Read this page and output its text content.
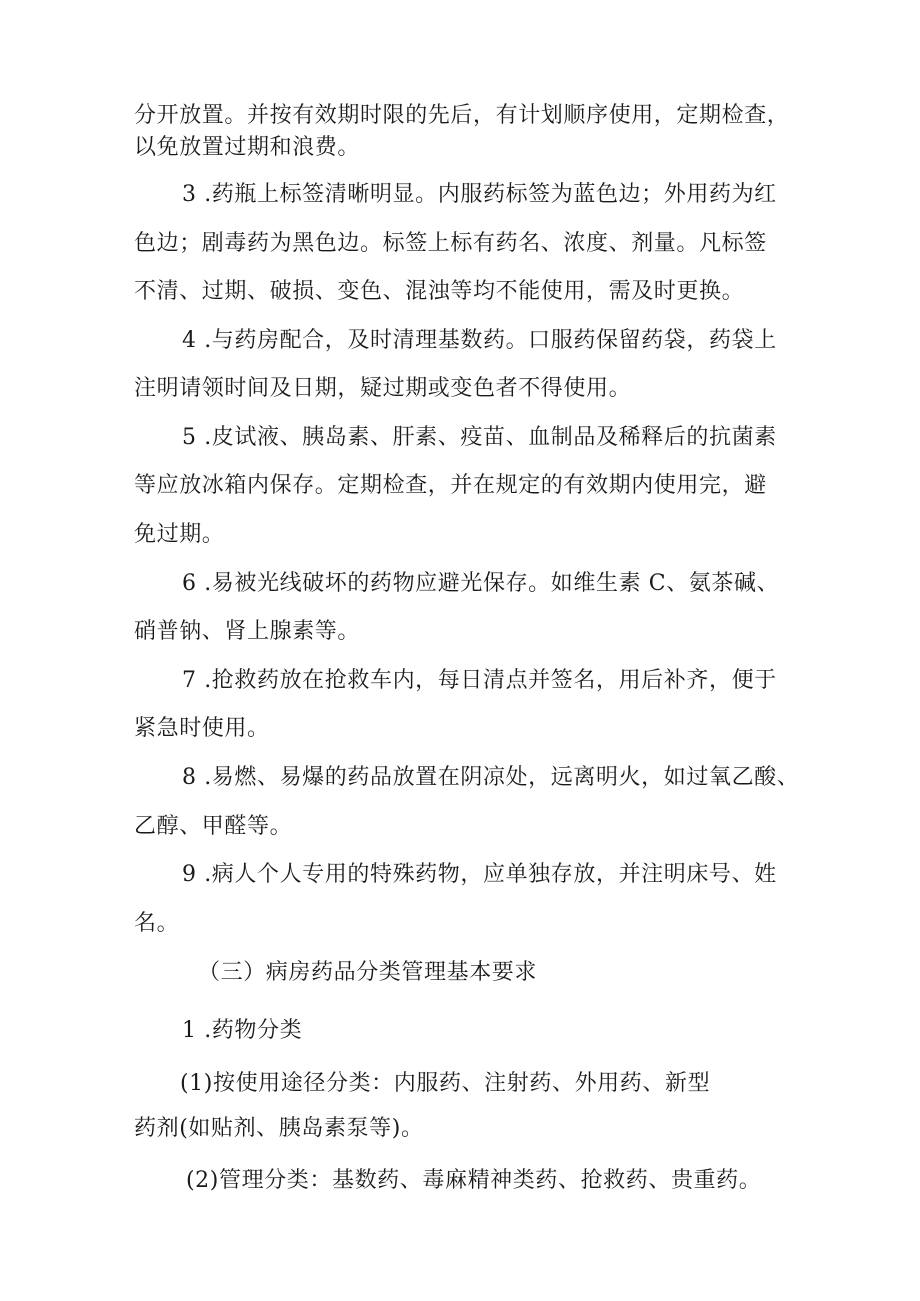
分开放置。并按有效期时限的先后，有计划顺序使用，定期检查，
以免放置过期和浪费。
3 .药瓶上标签清晰明显。内服药标签为蓝色边；外用药为红
色边；剧毒药为黑色边。标签上标有药名、浓度、剂量。凡标签
不清、过期、破损、变色、混浊等均不能使用，需及时更换。
4 .与药房配合，及时清理基数药。口服药保留药袋，药袋上
注明请领时间及日期，疑过期或变色者不得使用。
5 .皮试液、胰岛素、肝素、疫苗、血制品及稀释后的抗菌素
等应放冰箱内保存。定期检查，并在规定的有效期内使用完，避
免过期。
6 .易被光线破坏的药物应避光保存。如维生素 C、氨茶碱、
硝普钠、肾上腺素等。
7 .抢救药放在抢救车内，每日清点并签名，用后补齐，便于
紧急时使用。
8 .易燃、易爆的药品放置在阴凉处，远离明火，如过氧乙酸、
乙醇、甲醛等。
9 .病人个人专用的特殊药物，应单独存放，并注明床号、姓
名。
（三）病房药品分类管理基本要求
1 .药物分类
(1)按使用途径分类：内服药、注射药、外用药、新型
药剂(如贴剂、胰岛素泵等)。
(2)管理分类：基数药、毒麻精神类药、抢救药、贵重药。
